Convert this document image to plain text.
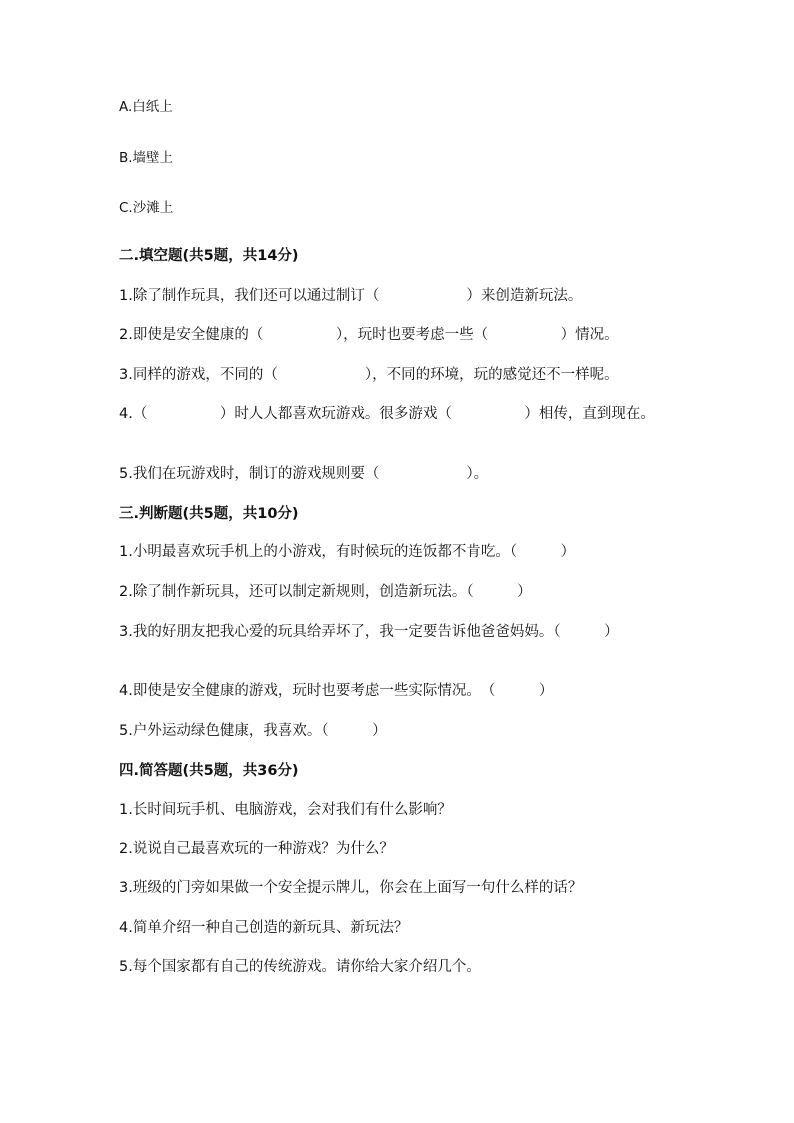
A.白纸上
B.墙壁上
C.沙滩上
二.填空题(共5题，共14分)
1.除了制作玩具，我们还可以通过制订（　　　　　　）来创造新玩法。
2.即使是安全健康的（　　　　　），玩时也要考虑一些（　　　　　）情况。
3.同样的游戏，不同的（　　　　　　），不同的环境，玩的感觉还不一样呢。
4.（　　　　　）时人人都喜欢玩游戏。很多游戏（　　　　　）相传，直到现在。
5.我们在玩游戏时，制订的游戏规则要（　　　　　　）。
三.判断题(共5题，共10分)
1.小明最喜欢玩手机上的小游戏，有时候玩的连饭都不肯吃。（　　　）
2.除了制作新玩具，还可以制定新规则，创造新玩法。（　　　）
3.我的好朋友把我心爱的玩具给弄坏了，我一定要告诉他爸爸妈妈。（　　　）
4.即使是安全健康的游戏，玩时也要考虑一些实际情况。　（　　　）
5.户外运动绿色健康，我喜欢。（　　　）
四.简答题(共5题，共36分)
1.长时间玩手机、电脑游戏，会对我们有什么影响？
2.说说自己最喜欢玩的一种游戏？为什么？
3.班级的门旁如果做一个安全提示牌儿，你会在上面写一句什么样的话？
4.简单介绍一种自己创造的新玩具、新玩法？
5.每个国家都有自己的传统游戏。请你给大家介绍几个。
